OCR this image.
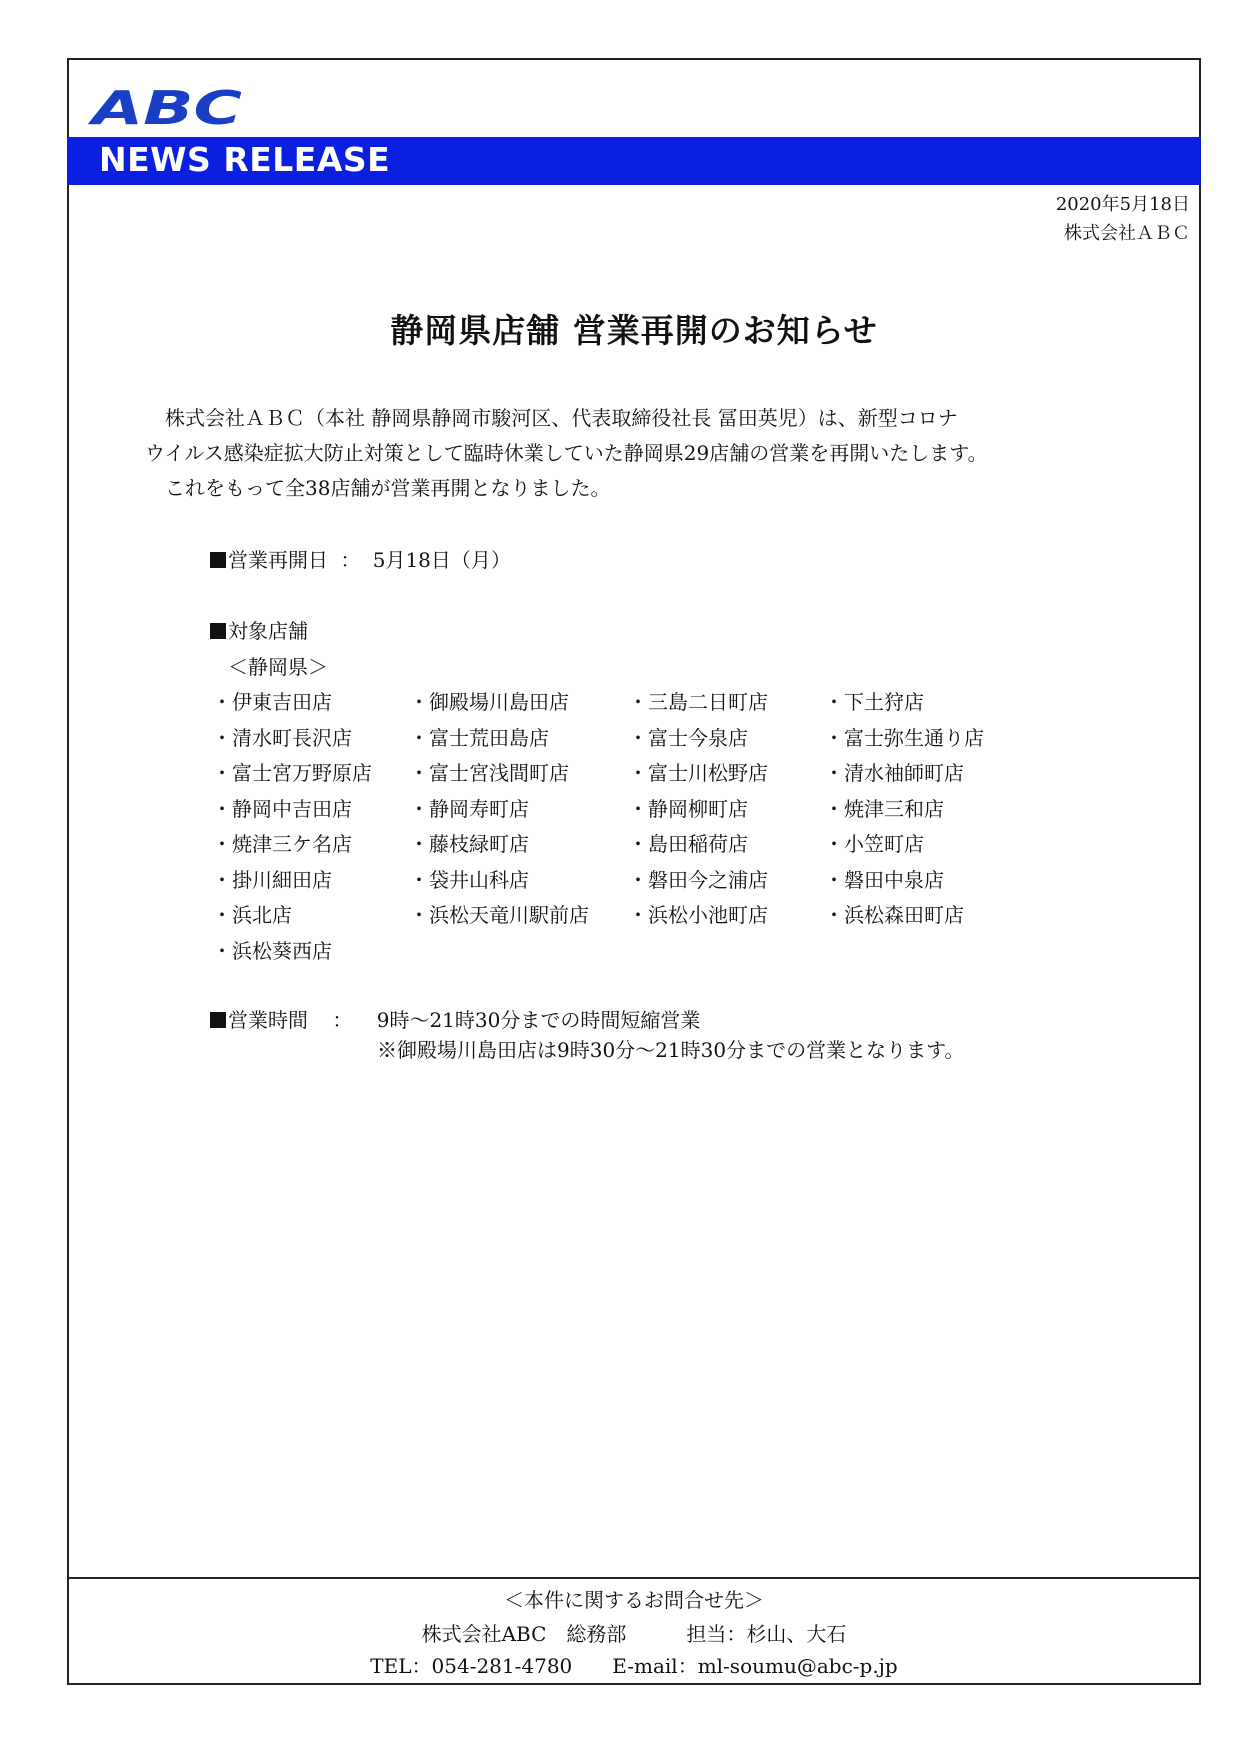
ABC
NEWS RELEASE
2020年5月18日
株式会社ＡＢＣ
静岡県店舗 営業再開のお知らせ
株式会社ＡＢＣ（本社 静岡県静岡市駿河区、代表取締役社長 冨田英児）は、新型コロナ
ウイルス感染症拡大防止対策として臨時休業していた静岡県29店舗の営業を再開いたします。
これをもって全38店舗が営業再開となりました。
営業再開日 ： 5月18日（月）
対象店舗
＜静岡県＞
・伊東吉田店	・御殿場川島田店	・三島二日町店	・下土狩店
・清水町長沢店	・富士荒田島店	・富士今泉店	・富士弥生通り店
・富士宮万野原店 ・富士宮浅間町店	・富士川松野店	・清水袖師町店
・静岡中吉田店	・静岡寿町店	・静岡柳町店	・焼津三和店
・焼津三ケ名店	・藤枝緑町店	・島田稲荷店	・小笠町店
・掛川細田店	・袋井山科店	・磐田今之浦店	・磐田中泉店
・浜北店	・浜松天竜川駅前店 ・浜松小池町店	・浜松森田町店
・浜松葵西店
営業時間 ： 9時～21時30分までの時間短縮営業
※御殿場川島田店は9時30分～21時30分までの営業となります。
＜本件に関するお問合せ先＞
株式会社ABC　総務部　　　担当：杉山、大石
TEL：054-281-4780　　E-mail：ml-soumu@abc-p.jp
